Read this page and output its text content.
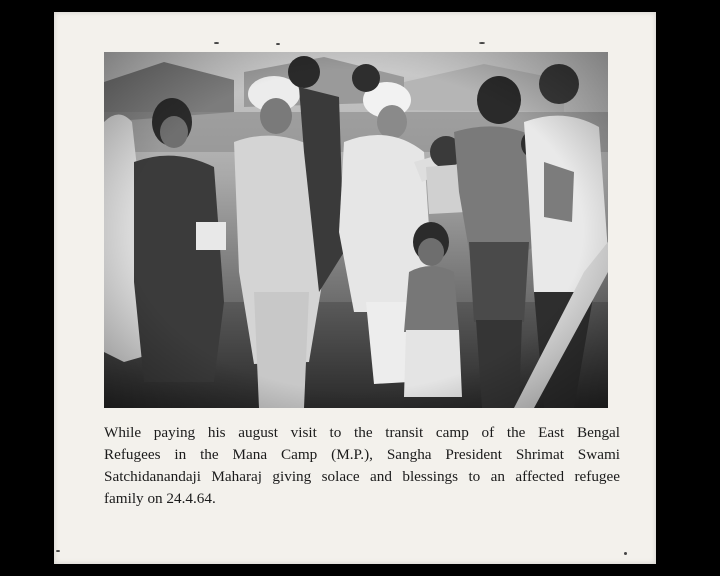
While paying his august visit to the transit camp of the East Bengal
Refugees in the Mana Camp (M.P.), Sangha President Shrimat Swami
Satchidanandaji Maharaj giving solace and blessings to an affected refugee
family on 24.4.64.
